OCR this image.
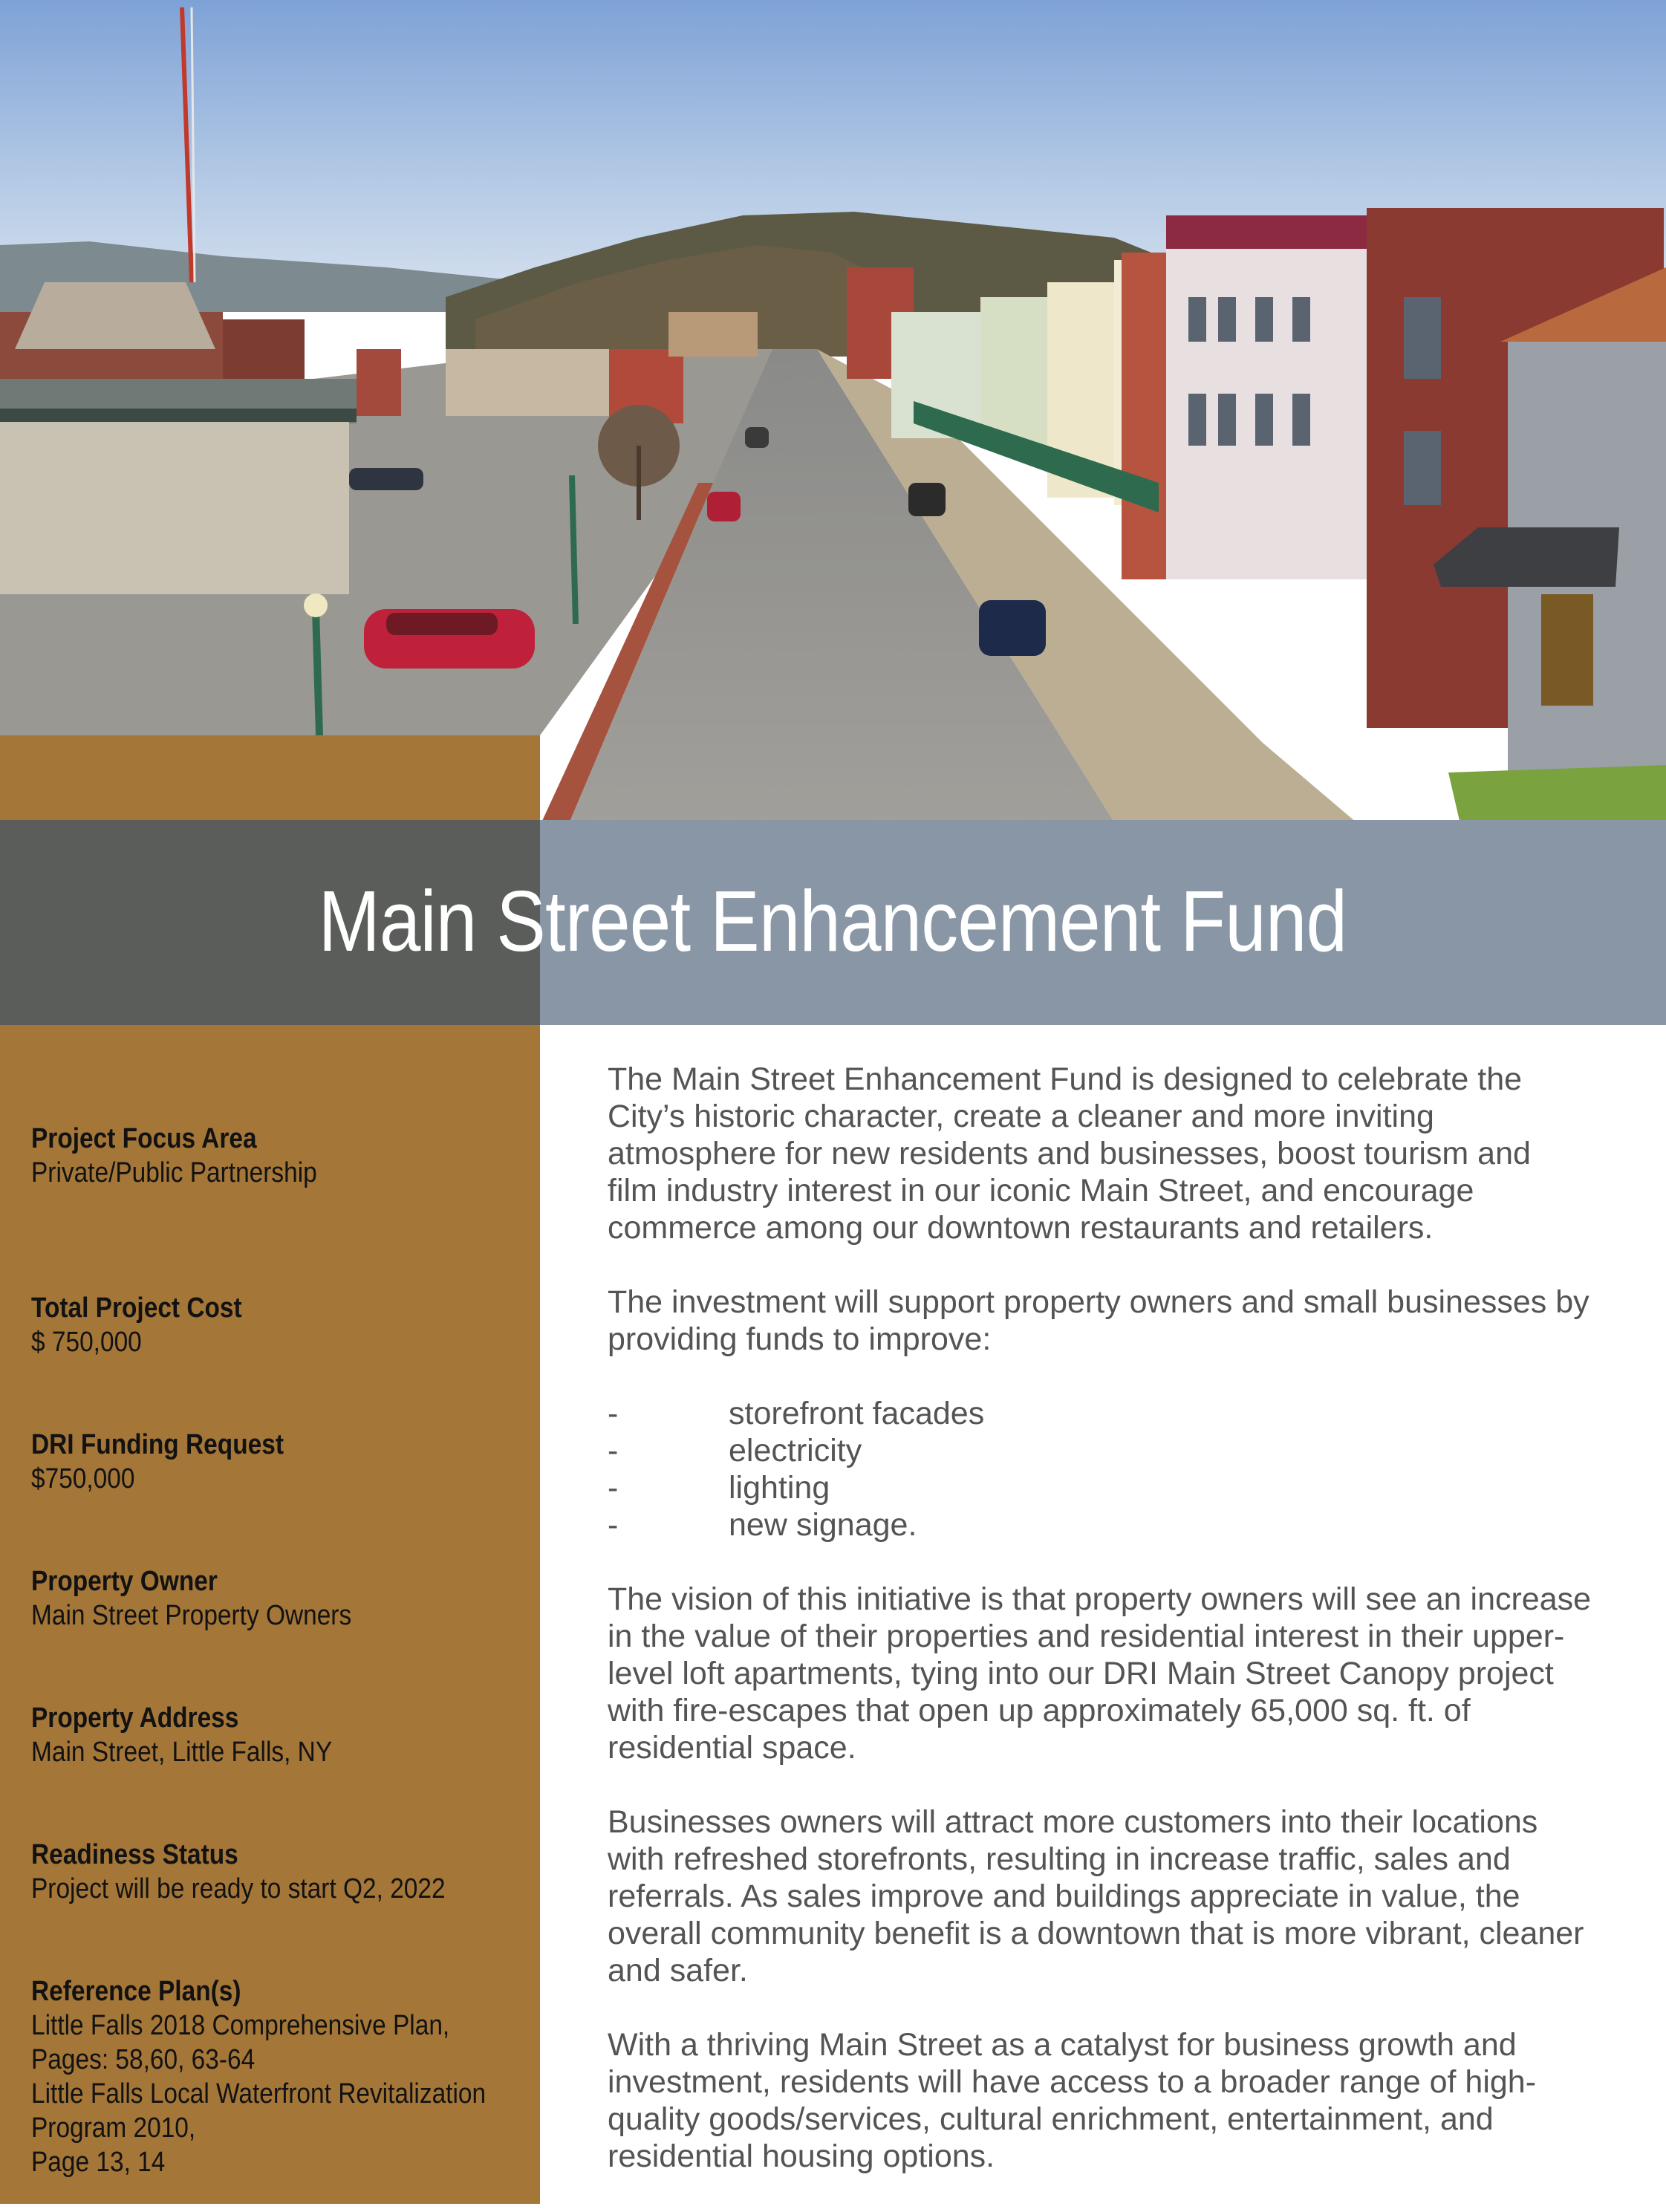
Main Street Enhancement Fund
Project Focus Area
Private/Public Partnership
Total Project Cost
$ 750,000
DRI Funding Request
$750,000
Property Owner
Main Street Property Owners
Property Address
Main Street, Little Falls, NY
Readiness Status
Project will be ready to start Q2, 2022
Reference Plan(s)
Little Falls 2018 Comprehensive Plan,
Pages: 58,60, 63-64
Little Falls Local Waterfront Revitalization
Program 2010,
Page 13, 14

The Main Street Enhancement Fund is designed to celebrate the
City’s historic character, create a cleaner and more inviting
atmosphere for new residents and businesses, boost tourism and
film industry interest in our iconic Main Street, and encourage
commerce among our downtown restaurants and retailers.

The investment will support property owners and small businesses by
providing funds to improve:

-	storefront facades
-	electricity
-	lighting
-	new signage.

The vision of this initiative is that property owners will see an increase
in the value of their properties and residential interest in their upper-
level loft apartments, tying into our DRI Main Street Canopy project
with fire-escapes that open up approximately 65,000 sq. ft. of
residential space.

Businesses owners will attract more customers into their locations
with refreshed storefronts, resulting in increase traffic, sales and
referrals. As sales improve and buildings appreciate in value, the
overall community benefit is a downtown that is more vibrant, cleaner
and safer.

With a thriving Main Street as a catalyst for business growth and
investment, residents will have access to a broader range of high-
quality goods/services, cultural enrichment, entertainment, and
residential housing options.
